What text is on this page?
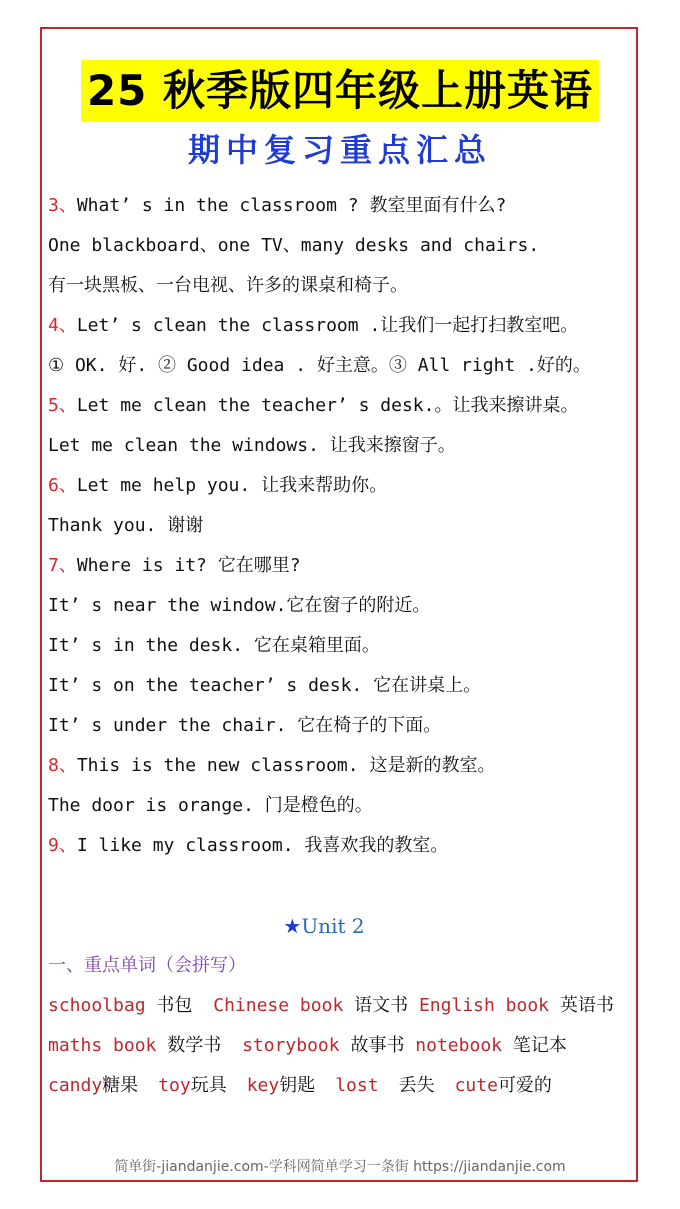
25 秋季版四年级上册英语
期中复习重点汇总
3、What’ s in the classroom ? 教室里面有什么?
One blackboard、one TV、many desks and chairs.
有一块黑板、一台电视、许多的课桌和椅子。
4、Let’ s clean the classroom .让我们一起打扫教室吧。
① OK. 好. ② Good idea . 好主意。③ All right .好的。
5、Let me clean the teacher’ s desk.。让我来擦讲桌。
Let me clean the windows. 让我来擦窗子。
6、Let me help you. 让我来帮助你。
Thank you. 谢谢
7、Where is it? 它在哪里?
It’ s near the window.它在窗子的附近。
It’ s in the desk. 它在桌箱里面。
It’ s on the teacher’ s desk. 它在讲桌上。
It’ s under the chair. 它在椅子的下面。
8、This is the new classroom. 这是新的教室。
The door is orange. 门是橙色的。
9、I like my classroom. 我喜欢我的教室。
★Unit 2
一、重点单词（会拼写）
schoolbag 书包 Chinese book 语文书 English book 英语书
maths book 数学书 storybook 故事书 notebook 笔记本
candy糖果 toy玩具 key钥匙 lost 丢失 cute可爱的
简单街-jiandanjie.com-学科网简单学习一条街 https://jiandanjie.com
